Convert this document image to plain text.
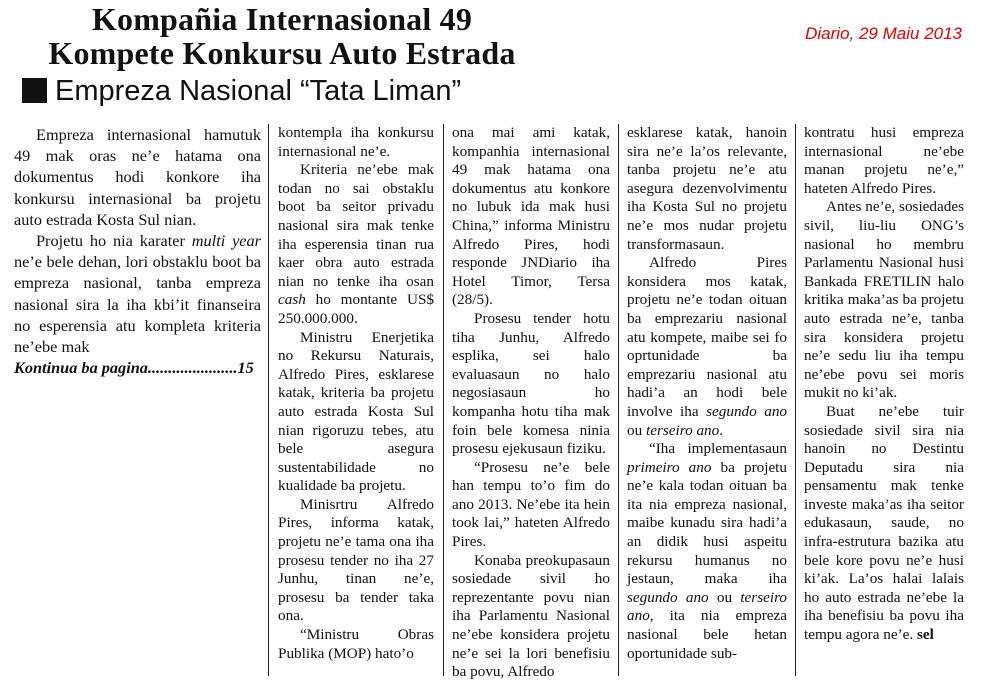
Kompañia Internasional 49
Kompete Konkursu Auto Estrada
Empreza Nasional “Tata Liman”
Diario, 29 Maiu 2013

Empreza internasional hamutuk 49 mak oras ne’e hatama ona dokumentus hodi konkore iha konkursu internasional ba projetu auto estrada Kosta Sul nian.

Projetu ho nia karater multi year ne’e bele dehan, lori obstaklu boot ba empreza nasional, tanba empreza nasional sira la iha kbi’it finanseira no esperensia atu kompleta kriteria ne’ebe mak

Kontinua ba pagina......................15

kontempla iha konkursu internasional ne’e.

Kriteria ne’ebe mak todan no sai obstaklu boot ba seitor privadu nasional sira mak tenke iha esperensia tinan rua kaer obra auto estrada nian no tenke iha osan cash ho montante US$ 250.000.000.

Ministru Enerjetika no Rekursu Naturais, Alfredo Pires, esklarese katak, kriteria ba projetu auto estrada Kosta Sul nian rigoruzu tebes, atu bele asegura sustentabilidade no kualidade ba projetu.

Minisrtru Alfredo Pires, informa katak, projetu ne’e tama ona iha prosesu tender no iha 27 Junhu, tinan ne’e, prosesu ba tender taka ona.

“Ministru Obras Publika (MOP) hato’o

ona mai ami katak, kompanhia internasional 49 mak hatama ona dokumentus atu konkore no lubuk ida mak husi China,” informa Ministru Alfredo Pires, hodi responde JNDiario iha Hotel Timor, Tersa (28/5).

Prosesu tender hotu tiha Junhu, Alfredo esplika, sei halo evaluasaun no halo negosiasaun ho kompanha hotu tiha mak foin bele komesa ninia prosesu ejekusaun fiziku.

“Prosesu ne’e bele han tempu to’o fim do ano 2013. Ne’ebe ita hein took lai,” hateten Alfredo Pires.

Konaba preokupasaun sosiedade sivil ho reprezentante povu nian iha Parlamentu Nasional ne’ebe konsidera projetu ne’e sei la lori benefisiu ba povu, Alfredo

esklarese katak, hanoin sira ne’e la’os relevante, tanba projetu ne’e atu asegura dezenvolvimentu iha Kosta Sul no projetu ne’e mos nudar projetu transformasaun.

Alfredo Pires konsidera mos katak, projetu ne’e todan oituan ba emprezariu nasional atu kompete, maibe sei fo oprtunidade ba emprezariu nasional atu hadi’a an hodi bele involve iha segundo ano ou terseiro ano.

“Iha implementasaun primeiro ano ba projetu ne’e kala todan oituan ba ita nia empreza nasional, maibe kunadu sira hadi’a an didik husi aspeitu rekursu humanus no jestaun, maka iha segundo ano ou terseiro ano, ita nia empreza nasional bele hetan oportunidade sub-

kontratu husi empreza internasional ne’ebe manan projetu ne’e,” hateten Alfredo Pires.

Antes ne’e, sosiedades sivil, liu-liu ONG’s nasional ho membru Parlamentu Nasional husi Bankada FRETILIN halo kritika maka’as ba projetu auto estrada ne’e, tanba sira konsidera projetu ne’e sedu liu iha tempu ne’ebe povu sei moris mukit no ki’ak.

Buat ne’ebe tuir sosiedade sivil sira nia hanoin no Destintu Deputadu sira nia pensamentu mak tenke investe maka’as iha seitor edukasaun, saude, no infra-estrutura bazika atu bele kore povu ne’e husi ki’ak. La’os halai lalais ho auto estrada ne’ebe la iha benefisiu ba povu iha tempu agora ne’e. sel
